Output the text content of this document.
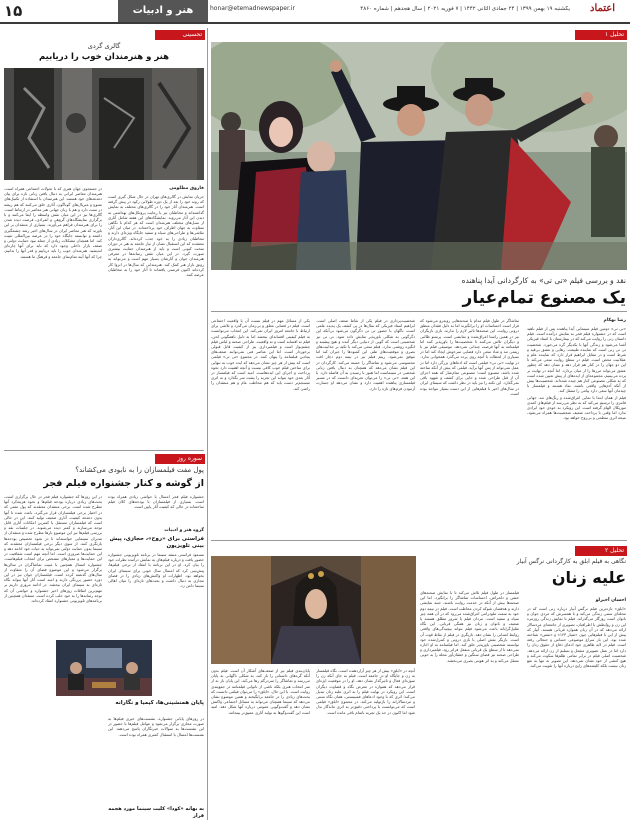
۱۵	هنر و ادبیات	honar@etemadnewspaper.ir	یکشنبه ۱۹ بهمن ۱۳۹۹ | ۲۴ جمادی الثانی ۱۴۴۲ | ۷ فوریه ۲۰۲۱ | سال هجدهم | شماره ۴۸۶۰ اعتماد
تحلیل ۱
نقد و بررسی فیلم «تی تی» به کارگردانی آیدا پناهنده
یک مصنوع تمام‌عیار
رضا بهکام

«تی تی» دومین فیلم سینمایی آیدا پناهنده پس از فیلم ناهید است که در جشنواره فیلم فجر به نمایش درآمده است. فیلم داستان زنی را روایت می‌کند که در بیمارستان با استاد فیزیکی آشنا می‌شود و زندگی آنها با یکدیگر گره می‌خورد. شخصیت تی تی زنی است که نماینده طبیعت، رهایی و عشق بی‌قید و شرط است و در مقابل ابراهیم قرار دارد که نماینده علم و عقلانیت محض است. فیلم در سطح روایت سعی می‌کند تا این دو جهان را در کنار هم قرار دهد و نشان دهد که چطور عشق می‌تواند مرزها را از میان بردارد. اما آنچه در نهایت بر پرده می‌بینیم، مجموعه‌ای از ایده‌های از پیش تعیین شده است که به شکلی مصنوعی کنار هم چیده شده‌اند. شخصیت‌ها بیش از آنکه آدم‌هایی واقعی باشند، نماد هستند و فیلمساز با چیدمان آنها سعی دارد پیامی را منتقل کند.

فیلم از همان ابتدا با نمایی اغراق‌شده و رنگ‌های تند، جهانی فانتزی را ترسیم می‌کند که به نظر می‌رسد از فیلم‌های کمدی موزیکال الهام گرفته است. این رویکرد به خودی خود ایرادی ندارد اما وقتی با پرداخت ضعیف شخصیت‌ها همراه می‌شود، نتیجه اثری سطحی و بی‌روح خواهد بود.

تماشاگر در طول فیلم مدام با صحنه‌هایی روبه‌رو می‌شود که قرار است احساسات او را برانگیزند اما به دلیل فقدان منطق درونی روایت، این صحنه‌ها تاثیر لازم را ندارند. بازی بازیگران نیز در همین راستا اغراق‌شده و نمایشی است. پرستو طالبی و دیگران تلاش می‌کنند تا شخصیت‌ها را باورپذیر کنند اما فیلمنامه به آنها فرصت چندانی نمی‌دهد. موسیقی فیلم نیز با ریتمی تند و شاد سعی دارد فضایی سرخوش ایجاد کند اما در بسیاری از لحظات با آنچه روی پرده می‌گذرد همخوانی ندارد. در نهایت «تی تی» فیلمی است که ادعاهای بزرگی دارد اما در عمل نمی‌تواند از پس آنها برآید. فیلمی که بیش از آنکه ساخته شده باشد، مصنوع است؛ مصنوعی تمام‌عیار که همه اجزای آن از قبل طراحی شده و جایی برای کشف و شهود باقی نمی‌گذارد. این نکته را نیز باید در نظر داشت که سینمای ایران در سال‌های اخیر با فیلم‌هایی از این دست بسیار مواجه بوده است.

شخصیت‌پردازی در فیلم یکی از نقاط ضعف اصلی است. ابراهیم استاد فیزیکی که سال‌ها در پی کشف یک پدیده علمی است، ناگهان با حضور تی تی دگرگون می‌شود بی‌آنکه این دگرگونی به شکلی باورپذیر نمایش داده شود. تی تی نیز شخصیتی است که گویی از دنیایی دیگر آمده و هیچ پیشینه و انگیزه روشنی ندارد. فیلم سعی می‌کند با تکیه بر جذابیت‌های بصری و موقعیت‌های طنز، این کمبودها را جبران کند اما موفق نمی‌شود. ریتم فیلم نیز در نیمه دوم دچار افت محسوسی می‌شود و تماشاگر را خسته می‌کند. کارگردان در این فیلم نشان می‌دهد که همچنان به دنبال یافتن زبانی شخصی در سینماست اما هنوز تا رسیدن به آن فاصله دارد. با این همه، «تی تی» را می‌توان تجربه‌ای دانست که در مسیر فیلمسازی پناهنده اهمیت دارد و نشان می‌دهد او جسارت آزمودن فرم‌های تازه را دارد.

یکی از مسائل مهم در فیلم نسبت آن با واقعیت اجتماعی است. فیلم در فضایی معلق و بی‌زمان می‌گذرد و تلاشی برای ارتباط با جامعه امروز ایران نمی‌کند. این انتخاب می‌توانست به فیلم کیفیتی افسانه‌ای ببخشد اما به دلیل ناهمگونی لحن، فیلم نه افسانه است و نه واقعیت. طراحی صحنه و لباس فیلم چشم‌نواز است و فیلمبرداری نیز از کیفیت قابل قبولی برخوردار است. اما این عناصر فنی نمی‌توانند ضعف‌های بنیادین فیلمنامه را پنهان کنند. در مجموع «تی تی» فیلمی است که بیش از هر چیز نشان می‌دهد که ایده خوب به تنهایی برای ساختن فیلم خوب کافی نیست و آنچه اهمیت دارد نحوه پرداخت و اجرای این ایده‌هاست. امید است که فیلمساز در آثار بعدی خود بتواند این تجربه را پشت سر بگذارد و به اثری منسجم‌تر دست یابد که هم مخاطب عام و هم منتقدان را راضی کند.

تحلیل ۲
نگاهی به فیلم ابلق به کارگردانی نرگس آبیار
علیه زنان
احسان آخیرلو

«ابلق» تازه‌ترین فیلم نرگس آبیار درباره زنی است که در محله‌ای سنتی زندگی می‌کند و با همسرش که مردی جوان و ناتوان است روزگار می‌گذراند. فیلم با نمایش زندگی روزمره این زن و روابطش با اطرافیان، تصویری از جامعه‌ای مردسالار ارائه می‌دهد که در آن زنان همواره قربانی هستند. آبیار که پیش از این با فیلم‌هایی چون «شیار ۱۴۳» و «نفس» شناخته شده بود، این بار سراغ موضوعی حساس و جنجالی رفته است. فیلم در لایه ظاهری خود ادعای دفاع از حقوق زنان را دارد اما در عمل تصویری منفعل و تسلیم از زن ارائه می‌دهد. شخصیت اصلی فیلم در برابر تمامی ظلم‌ها سکوت می‌کند و هیچ کنشی از خود نشان نمی‌دهد. این تصویر نه تنها به نفع زنان نیست بلکه کلیشه‌های رایج درباره آنها را تقویت می‌کند.

فیلمساز در طول فیلم تلاش می‌کند تا با نمایش صحنه‌های خشن و دلخراش، احساسات تماشاگر را برانگیزد. اما این صحنه‌ها بیش از آنکه در خدمت روایت باشند، جنبه نمایشی دارند و هدفشان شوکه کردن مخاطب است. فیلم در نیمه دوم خود به سمت ملودرامی اغراق‌شده می‌رود که در آن همه چیز سیاه و سفید است. مردان فیلم یا شرور مطلق هستند یا ضعیف و ناتوان و زنان نیز همگی قربانی. این نگاه تقلیل‌گرایانه باعث می‌شود فیلم نتواند پیچیدگی‌های واقعی روابط انسانی را نشان دهد. بازیگری در فیلم از نقاط قوت آن است. بازیگر نقش اصلی با بازی درونی و کنترل‌شده خود توانسته شخصیتی باورپذیر خلق کند. اما فیلمنامه به او اجازه نمی‌دهد تا از سطح یک قربانی منفعل فراتر رود. فیلمبرداری و طراحی صحنه نیز فضای سنگین و خفقان‌آور محله را به خوبی منتقل می‌کند و به اثر هویتی بصری می‌بخشد.

آنچه در «ابلق» بیش از هر چیز آزاردهنده است، نگاه فیلمساز به زن و جایگاه او در جامعه است. فیلم به جای آنکه زن را سوژه‌ای فعال و تاثیرگذار نشان دهد، او را در موقعیت ابژه‌ای قرار می‌دهد که همواره در معرض نگاه و قضاوت دیگران است. این رویکرد در نهایت فیلم را به اثری علیه زنان تبدیل می‌کند؛ اثری که با وجود ادعاهای فمینیستی، همان نگاه سنتی و مردسالارانه را بازتولید می‌کند. در مجموع «ابلق» فیلمی است که می‌توانست با پرداختی دقیق‌تر به اثری ماندگار بدل شود اما اکنون در حد یک تجربه ناتمام باقی مانده است.

پایان‌بندی فیلم نیز از ضعف‌های آشکار آن است. فیلم بدون آنکه گره‌های داستانی را باز کند، به شکلی ناگهانی به پایان می‌رسد و تماشاگر را سردرگم رها می‌کند. این پایان باز نه از سر انتخاب هنری بلکه ناشی از ناتوانی فیلمنامه در جمع‌بندی روایت است. با این حال، «ابلق» را می‌توان فیلمی دانست که بحث‌های زیادی را در جامعه برانگیخته و همین موضوع نشان می‌دهد که سینما همچنان می‌تواند به مسائل اجتماعی واکنش نشان دهد و گفت‌وگویی عمومی درباره آنها شکل دهد. امید است این گفت‌وگوها به تولید آثاری عمیق‌تر بینجامد.

تحسینی
گالری گردی
هنر و هنرمندان خوب را دریابیم
فاروق مظلومی

جریان نمایش در گالری‌های تهران در حال شکل گیری است که روند خود را بعد از یک دوره طولانی رکود در پیش گرفته است. هنرمندان آثار خود را در گالری‌های مختلف به نمایش گذاشته‌اند و مخاطبان نیز با رعایت پروتکل‌های بهداشتی به دیدن این آثار می‌روند. نمایشگاه‌های این هفته شامل آثاری از نسل‌های مختلف هنرمندان است که هر کدام با نگاهی متفاوت به جهان اطراف خود پرداخته‌اند. در میان این آثار، نقاشی‌ها و طراحی‌های سیاه و سفید جایگاه ویژه‌ای دارند و مخاطبان زیادی را به خود جذب کرده‌اند. گالری‌داران معتقدند که این استقبال نشان از نیاز جامعه به هنر در دوران سخت کنونی است و باید از هنرمندان حمایت بیشتری صورت گیرد. در این میان نقش رسانه‌ها در معرفی هنرمندان جوان و آثارشان بسیار مهم است و می‌تواند به رونق بازار هنر کمک کند. هنرمندانی که سال‌ها در انزوا کار کرده‌اند اکنون فرصتی یافته‌اند تا آثار خود را به مخاطبان عرضه کنند.

در جستجوی جهان هنری که با تحولات اجتماعی همراه است، هنرمندان معاصر ایرانی به دنبال یافتن زبانی تازه برای بیان دغدغه‌های خود هستند. این هنرمندان با استفاده از تکنیک‌های متنوع و متریال‌های گوناگون، آثاری خلق می‌کنند که هم ریشه در سنت دارد و هم با زبان جهانی هنر معاصر در ارتباط است. گالری‌ها نیز در این میان نقش واسطه را ایفا می‌کنند و با برگزاری نمایشگاه‌های گروهی و انفرادی، فرصت دیده شدن را برای هنرمندان فراهم می‌آورند. بسیاری از منتقدان بر این باورند که هنر معاصر ایران در سال‌های اخیر رشد چشمگیری داشته و توانسته جایگاه خود را در عرصه بین‌المللی تثبیت کند. اما همچنان مشکلات زیادی از جمله نبود حمایت دولتی و ضعف بازار داخلی وجود دارد که باید برای آنها چاره‌ای اندیشید. هنرمندان خوب را باید دریابیم و قدر آنها را بدانیم، چرا که آنها آینه تمام‌نمای جامعه و فرهنگ ما هستند.

سوره روز
پول مفت فیلمسازان را به نابودی می‌کشاند؟
از گوشه و کنار جشنواره فیلم فجر

جشنواره فیلم فجر امسال با حواشی زیادی همراه بوده است. بسیاری از فیلمسازان با بودجه‌های کلان فیلم ساخته‌اند در حالی که کیفیت آثار پایین است.

در این روزها که جشنواره فیلم فجر در حال برگزاری است، بحث‌های زیادی درباره بودجه فیلم‌ها و نحوه هزینه‌کرد آنها مطرح شده است. برخی منتقدان معتقدند که پول مفتی که در اختیار برخی فیلمسازان قرار می‌گیرد، باعث شده تا آنها بدون دغدغه کیفیت، آثاری ضعیف تولید کنند. این در حالی است که فیلمسازان مستقل با کمترین امکانات آثاری قابل توجه می‌سازند و کمتر دیده می‌شوند. در جلسات نقد و بررسی فیلم‌ها نیز این موضوع بارها مطرح شده و منتقدان از مدیران سینمایی خواسته‌اند تا در نحوه تخصیص بودجه‌ها بازنگری کنند. از سوی دیگر برخی فیلمسازان معتقدند که سینما بدون حمایت دولتی نمی‌تواند به حیات خود ادامه دهد و این حمایت‌ها ضروری است. اما آنچه مهم است شفافیت در این حمایت‌ها و معیارهای مشخص برای انتخاب فیلم‌هاست. جشنواره امسال همچنین با غیبت تماشاگران در سالن‌ها برگزار می‌شود و این موضوع فضای آن را متفاوت از سال‌های گذشته کرده است. فیلمسازان جوان نیز در این دوره حضور پررنگی دارند و امید است آثار آنها بتواند نگاه تازه‌ای به سینمای ایران ببخشد. در ادامه مروری داریم بر مهم‌ترین اتفاقات روزهای اخیر جشنواره و حواشی آن که توجه رسانه‌ها را به خود جلب کرده است. منتقدان همچنین از برنامه‌های تلویزیونی جشنواره انتقاد کرده‌اند.

گروه هنر و ادبیات
فراستی برای «روح»، حجازی، پیش بینی تلویزیون

مسعود فراستی منتقد سینما در برنامه تلویزیونی جشنواره حضور یافت و درباره فیلم‌های به نمایش درآمده نظرات خود را بیان کرد. او در این برنامه با انتقاد از برخی فیلم‌ها، پیش‌بینی کرد که امسال سال خوبی برای سینمای ایران نخواهد بود. اظهارات او واکنش‌های زیادی را در فضای مجازی به دنبال داشت و بحث‌های تازه‌ای را میان اهالی سینما دامن زد.

پایان همنشینی‌ها، کیمیا و نگارانه

در روزهای پایانی جشنواره، نشست‌های خبری فیلم‌ها به صورت مجازی برگزار می‌شود و عوامل فیلم‌ها با حضور در این نشست‌ها به سوالات خبرنگاران پاسخ می‌دهند. این نشست‌ها امسال با استقبال کمتری همراه بوده است.

به بهانه «کودا» کلیت سینما مورد هجمه قرار
